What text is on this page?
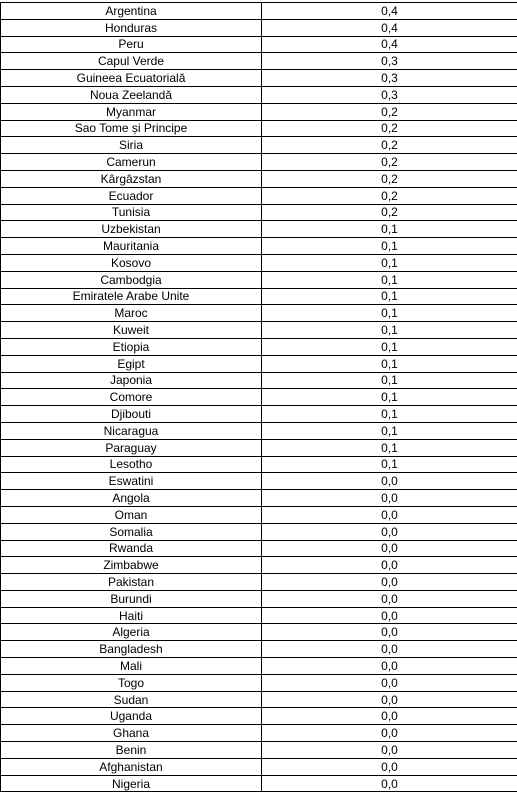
Argentina	0,4
Honduras	0,4
Peru	0,4
Capul Verde	0,3
Guineea Ecuatorială	0,3
Noua Zeelandă	0,3
Myanmar	0,2
Sao Tome și Principe	0,2
Siria	0,2
Camerun	0,2
Kârgâzstan	0,2
Ecuador	0,2
Tunisia	0,2
Uzbekistan	0,1
Mauritania	0,1
Kosovo	0,1
Cambodgia	0,1
Emiratele Arabe Unite	0,1
Maroc	0,1
Kuweit	0,1
Etiopia	0,1
Egipt	0,1
Japonia	0,1
Comore	0,1
Djibouti	0,1
Nicaragua	0,1
Paraguay	0,1
Lesotho	0,1
Eswatini	0,0
Angola	0,0
Oman	0,0
Somalia	0,0
Rwanda	0,0
Zimbabwe	0,0
Pakistan	0,0
Burundi	0,0
Haiti	0,0
Algeria	0,0
Bangladesh	0,0
Mali	0,0
Togo	0,0
Sudan	0,0
Uganda	0,0
Ghana	0,0
Benin	0,0
Afghanistan	0,0
Nigeria	0,0
